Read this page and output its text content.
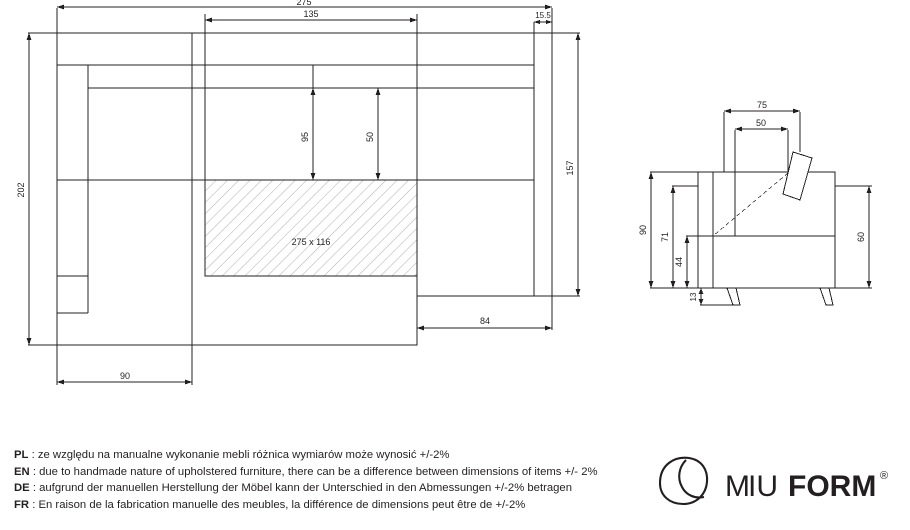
275
135	15.5
202
95	50
157
84
90
275 x 116
75
50
90
71
44
13
60
PL : ze względu na manualne wykonanie mebli różnica wymiarów może wynosić +/-2%
EN : due to handmade nature of upholstered furniture, there can be a difference between dimensions of items +/- 2%
DE : aufgrund der manuellen Herstellung der Möbel kann der Unterschied in den Abmessungen +/-2% betragen
FR : En raison de la fabrication manuelle des meubles, la différence de dimensions peut être de +/-2%
M
IU FORM ®
